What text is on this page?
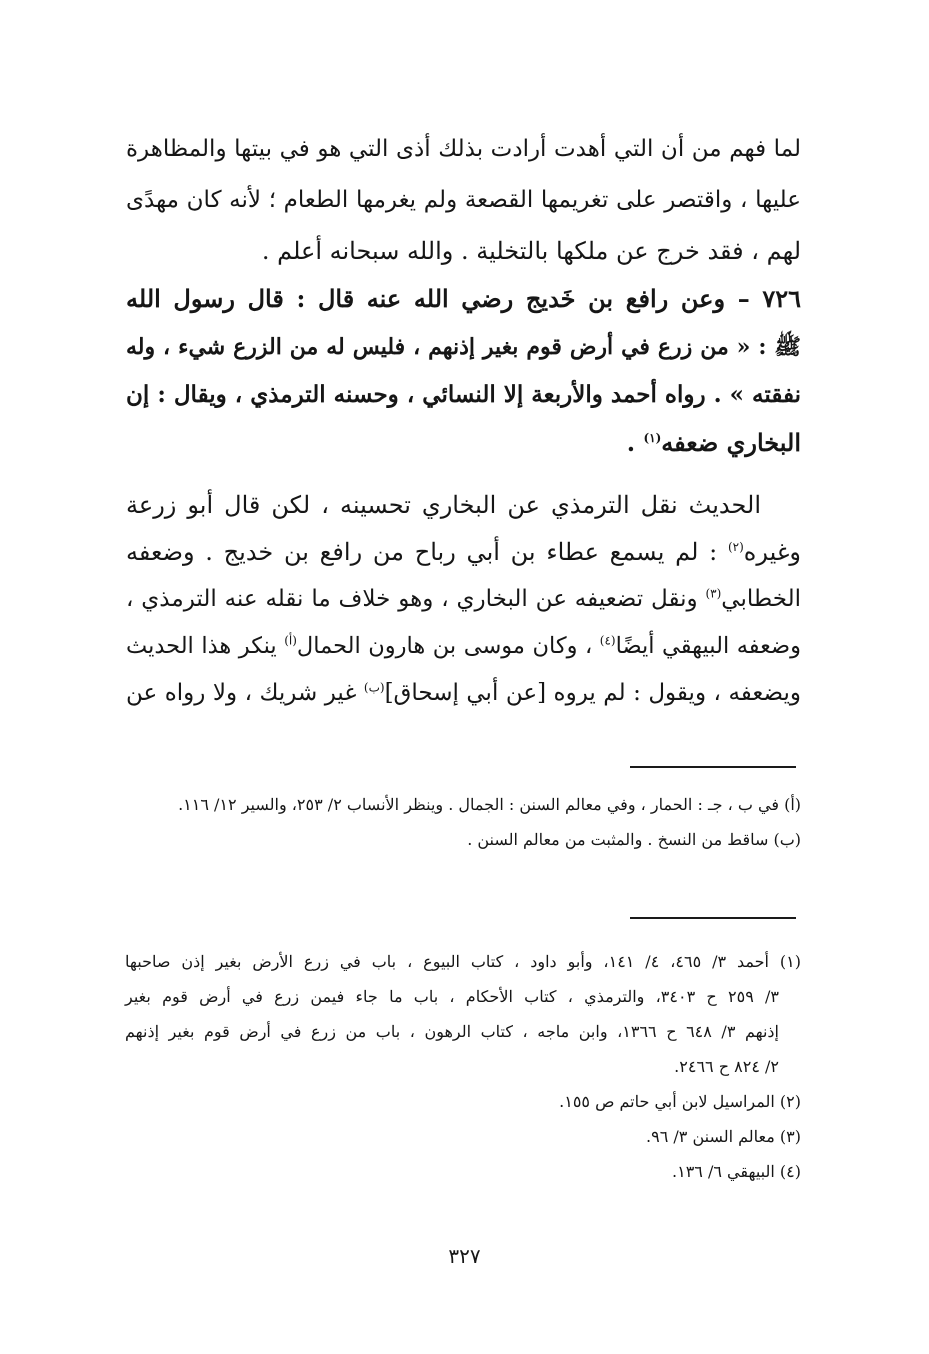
لما فهم من أن التي أهدت أرادت بذلك أذى التي هو في بيتها والمظاهرة
عليها ، واقتصر على تغريمها القصعة ولم يغرمها الطعام ؛ لأنه كان مهدًى
لهم ، فقد خرج عن ملكها بالتخلية . والله سبحانه أعلم .
٧٢٦ – وعن رافع بن خَديج رضي الله عنه قال : قال رسول الله
ﷺ : « من زرع في أرض قوم بغير إذنهم ، فليس له من الزرع شيء ، وله
نفقته » . رواه أحمد والأربعة إلا النسائي ، وحسنه الترمذي ، ويقال : إن
البخاري ضعفه$^{(١)}$ .
الحديث نقل الترمذي عن البخاري تحسينه ، لكن قال أبو زرعة
وغيره$^{(٢)}$ : لم يسمع عطاء بن أبي رباح من رافع بن خديج . وضعفه
الخطابي$^{(٣)}$ ونقل تضعيفه عن البخاري ، وهو خلاف ما نقله عنه الترمذي ،
وضعفه البيهقي أيضًا$^{(٤)}$ ، وكان موسى بن هارون الحمال$^{(أ)}$ ينكر هذا الحديث
ويضعفه ، ويقول : لم يروه [عن أبي إسحاق]$^{(ب)}$ غير شريك ، ولا رواه عن
(أ) في ب ، جـ : الحمار ، وفي معالم السنن : الجمال . وينظر الأنساب ٢/ ٢٥٣، والسير ١٢/ ١١٦.
(ب) ساقط من النسخ . والمثبت من معالم السنن .
(١) أحمد ٣/ ٤٦٥، ٤/ ١٤١، وأبو داود ، كتاب البيوع ، باب في زرع الأرض بغير إذن صاحبها
٣/ ٢٥٩ ح ٣٤٠٣، والترمذي ، كتاب الأحكام ، باب ما جاء فيمن زرع في أرض قوم بغير
إذنهم ٣/ ٦٤٨ ح ١٣٦٦، وابن ماجه ، كتاب الرهون ، باب من زرع في أرض قوم بغير إذنهم
٢/ ٨٢٤ ح ٢٤٦٦.
(٢) المراسيل لابن أبي حاتم ص ١٥٥.
(٣) معالم السنن ٣/ ٩٦.
(٤) البيهقي ٦/ ١٣٦.
٣٢٧
